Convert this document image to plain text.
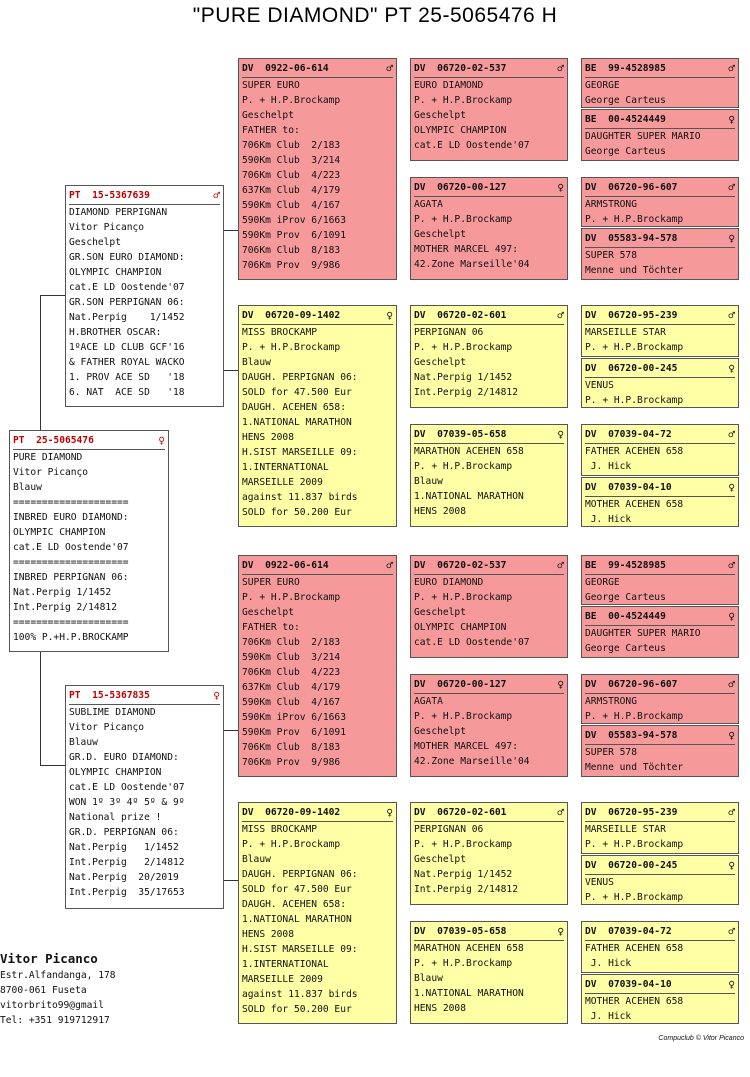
"PURE DIAMOND" PT 25-5065476 H
PT  25-5065476	♀
PURE DIAMOND
Vitor Picanço
Blauw
====================
INBRED EURO DIAMOND:
OLYMPIC CHAMPION
cat.E LD Oostende'07
====================
INBRED PERPIGNAN 06:
Nat.Perpig 1/1452
Int.Perpig 2/14812
====================
100% P.+H.P.BROCKAMP
PT  15-5367639	♂
DIAMOND PERPIGNAN
Vitor Picanço
Geschelpt
GR.SON EURO DIAMOND:
OLYMPIC CHAMPION
cat.E LD Oostende'07
GR.SON PERPIGNAN 06:
Nat.Perpig    1/1452
H.BROTHER OSCAR:
1ºACE LD CLUB GCF'16
& FATHER ROYAL WACKO
1. PROV ACE SD   '18
6. NAT  ACE SD   '18
PT  15-5367835	♀
SUBLIME DIAMOND
Vitor Picanço
Blauw
GR.D. EURO DIAMOND:
OLYMPIC CHAMPION
cat.E LD Oostende'07
WON 1º 3º 4º 5º & 9º
National prize !
GR.D. PERPIGNAN 06:
Nat.Perpig   1/1452
Int.Perpig   2/14812
Nat.Perpig  20/2019
Int.Perpig  35/17653
DV  0922-06-614	♂
SUPER EURO
P. + H.P.Brockamp
Geschelpt
FATHER to:
706Km Club  2/183
590Km Club  3/214
706Km Club  4/223
637Km Club  4/179
590Km Club  4/167
590Km iProv 6/1663
590Km Prov  6/1091
706Km Club  8/183
706Km Prov  9/986
DV  06720-09-1402	♀
MISS BROCKAMP
P. + H.P.Brockamp
Blauw
DAUGH. PERPIGNAN 06:
SOLD for 47.500 Eur
DAUGH. ACEHEN 658:
1.NATIONAL MARATHON
HENS 2008
H.SIST MARSEILLE 09:
1.INTERNATIONAL
MARSEILLE 2009
against 11.837 birds
SOLD for 50.200 Eur
DV  06720-02-537	♂
EURO DIAMOND
P. + H.P.Brockamp
Geschelpt
OLYMPIC CHAMPION
cat.E LD Oostende'07
DV  06720-00-127	♀
AGATA
P. + H.P.Brockamp
Geschelpt
MOTHER MARCEL 497:
42.Zone Marseille'04
DV  06720-02-601	♂
PERPIGNAN 06
P. + H.P.Brockamp
Geschelpt
Nat.Perpig 1/1452
Int.Perpig 2/14812
DV  07039-05-658	♀
MARATHON ACEHEN 658
P. + H.P.Brockamp
Blauw
1.NATIONAL MARATHON
HENS 2008
BE  99-4528985	♂
GEORGE
George Carteus
BE  00-4524449	♀
DAUGHTER SUPER MARIO
George Carteus
DV  06720-96-607	♂
ARMSTRONG
P. + H.P.Brockamp
DV  05583-94-578	♀
SUPER 578
Menne und Töchter
DV  06720-95-239	♂
MARSEILLE STAR
P. + H.P.Brockamp
DV  06720-00-245	♀
VENUS
P. + H.P.Brockamp
DV  07039-04-72	♂
FATHER ACEHEN 658
J. Hick
DV  07039-04-10	♀
MOTHER ACEHEN 658
J. Hick
DV  0922-06-614	♂
SUPER EURO
P. + H.P.Brockamp
Geschelpt
FATHER to:
706Km Club  2/183
590Km Club  3/214
706Km Club  4/223
637Km Club  4/179
590Km Club  4/167
590Km iProv 6/1663
590Km Prov  6/1091
706Km Club  8/183
706Km Prov  9/986
DV  06720-09-1402	♀
MISS BROCKAMP
P. + H.P.Brockamp
Blauw
DAUGH. PERPIGNAN 06:
SOLD for 47.500 Eur
DAUGH. ACEHEN 658:
1.NATIONAL MARATHON
HENS 2008
H.SIST MARSEILLE 09:
1.INTERNATIONAL
MARSEILLE 2009
against 11.837 birds
SOLD for 50.200 Eur
DV  06720-02-537	♂
EURO DIAMOND
P. + H.P.Brockamp
Geschelpt
OLYMPIC CHAMPION
cat.E LD Oostende'07
DV  06720-00-127	♀
AGATA
P. + H.P.Brockamp
Geschelpt
MOTHER MARCEL 497:
42.Zone Marseille'04
DV  06720-02-601	♂
PERPIGNAN 06
P. + H.P.Brockamp
Geschelpt
Nat.Perpig 1/1452
Int.Perpig 2/14812
DV  07039-05-658	♀
MARATHON ACEHEN 658
P. + H.P.Brockamp
Blauw
1.NATIONAL MARATHON
HENS 2008
BE  99-4528985	♂
GEORGE
George Carteus
BE  00-4524449	♀
DAUGHTER SUPER MARIO
George Carteus
DV  06720-96-607	♂
ARMSTRONG
P. + H.P.Brockamp
DV  05583-94-578	♀
SUPER 578
Menne und Töchter
DV  06720-95-239	♂
MARSEILLE STAR
P. + H.P.Brockamp
DV  06720-00-245	♀
VENUS
P. + H.P.Brockamp
DV  07039-04-72	♂
FATHER ACEHEN 658
J. Hick
DV  07039-04-10	♀
MOTHER ACEHEN 658
J. Hick
Vitor Picanco
Estr.Alfandanga, 178
8700-061 Fuseta
vitorbrito99@gmail
Tel: +351 919712917
Compuclub © Vitor Picanco
